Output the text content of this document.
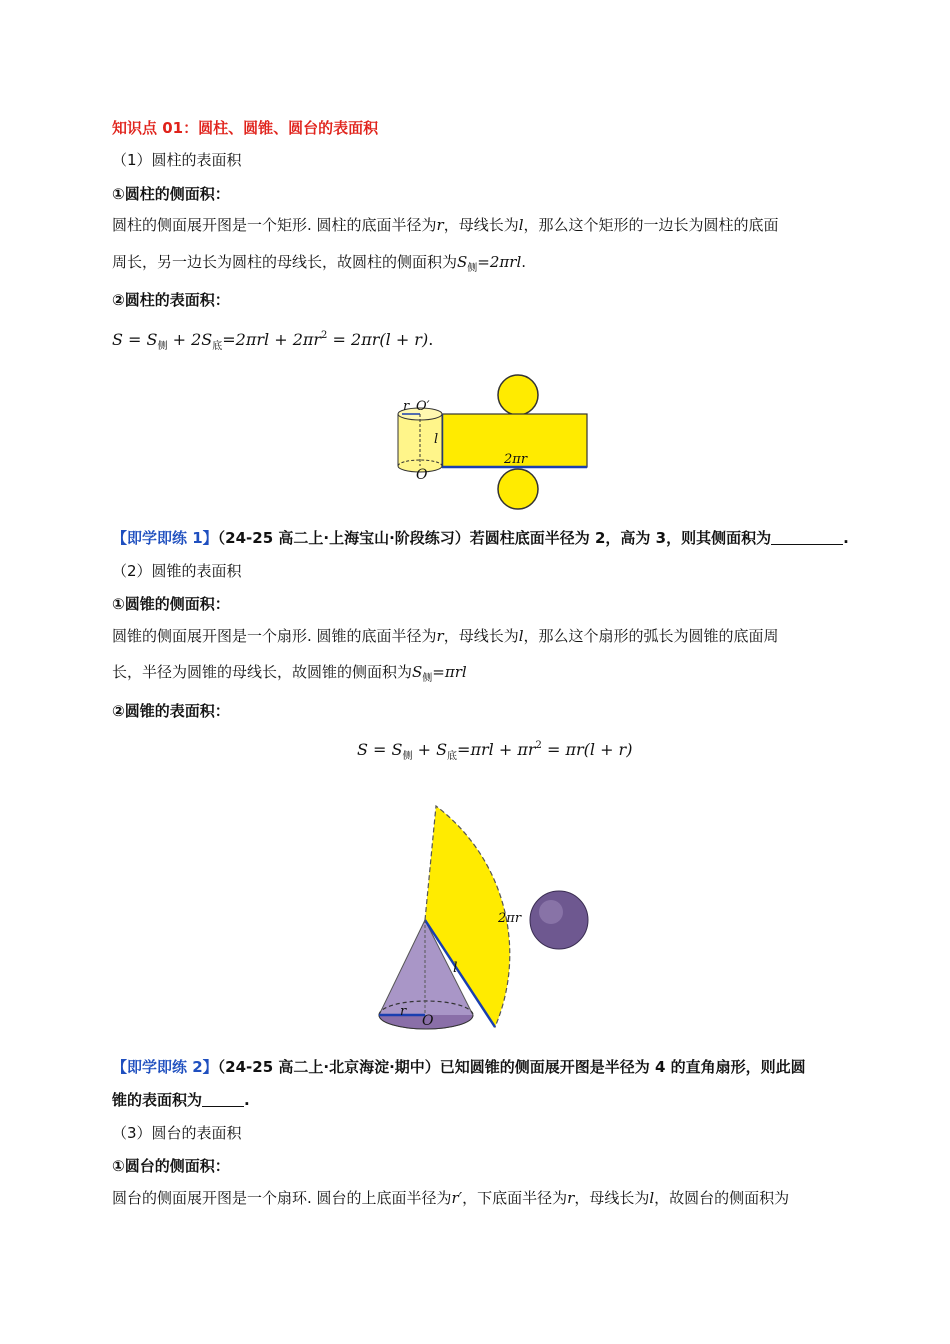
知识点 01：圆柱、圆锥、圆台的表面积
（1）圆柱的表面积
①圆柱的侧面积：
圆柱的侧面展开图是一个矩形. 圆柱的底面半径为r，母线长为l，那么这个矩形的一边长为圆柱的底面
周长，另一边长为圆柱的母线长，故圆柱的侧面积为$S_侧=2\pi rl$.
②圆柱的表面积：
$S = S_侧 + 2S_底=2\pi rl + 2\pi r^2 = 2\pi r(l + r)$.
r O′
l
2πr
O
【即学即练 1】（24-25 高二上·上海宝山·阶段练习）若圆柱底面半径为 2，高为 3，则其侧面积为	.
（2）圆锥的表面积
①圆锥的侧面积：
圆锥的侧面展开图是一个扇形. 圆锥的底面半径为r，母线长为l，那么这个扇形的弧长为圆锥的底面周
长，半径为圆锥的母线长，故圆锥的侧面积为$S_侧=\pi rl$
②圆锥的表面积：
$S = S_侧 + S_底=\pi rl + \pi r^2 = \pi r(l + r)$
2πr
l
r
O
【即学即练 2】（24-25 高二上·北京海淀·期中）已知圆锥的侧面展开图是半径为 4 的直角扇形，则此圆
锥的表面积为	.
（3）圆台的表面积
①圆台的侧面积：
圆台的侧面展开图是一个扇环. 圆台的上底面半径为r′，下底面半径为r，母线长为l，故圆台的侧面积为
